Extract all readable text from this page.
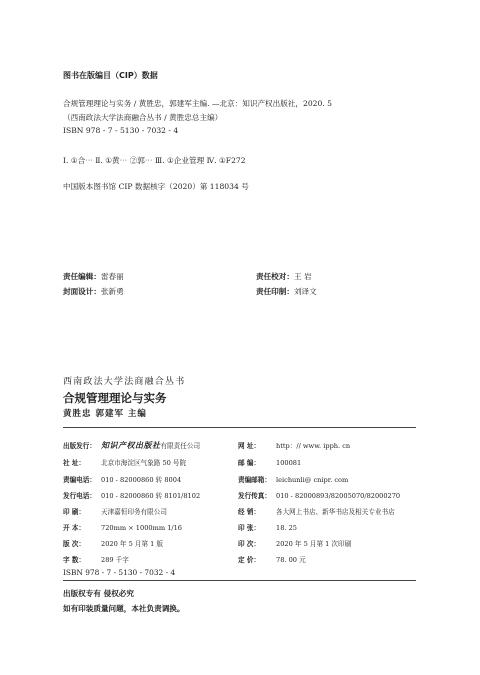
图书在版编目（CIP）数据
合规管理理论与实务 / 黄胜忠，郭建军主编. —北京：知识产权出版社，2020. 5
（西南政法大学法商融合丛书 / 黄胜忠总主编）
ISBN 978 - 7 - 5130 - 7032 - 4
Ⅰ. ①合⋯ Ⅱ. ①黄⋯ ②郭⋯ Ⅲ. ①企业管理 Ⅳ. ①F272
中国版本图书馆 CIP 数据核字（2020）第 118034 号
责任编辑：雷春丽	责任校对：王 岩
封面设计：张新勇	责任印制：刘译文
西南政法大学法商融合丛书
合规管理理论与实务
黄胜忠 郭建军 主编
出版发行： 知识产权出版社有限责任公司
社 址： 北京市海淀区气象路 50 号院
责编电话： 010 - 82000860 转 8004
发行电话： 010 - 82000860 转 8101/8102
印 刷： 天津嘉恒印务有限公司
开 本： 720mm × 1000mm 1/16
版 次： 2020 年 5 月第 1 版
字 数： 289 千字
网 址： http：// www. ipph. cn
邮 编： 100081
责编邮箱： leichunli@ cnipr. com
发行传真： 010 - 82000893/82005070/82000270
经 销： 各大网上书店、新华书店及相关专业书店
印 张： 18. 25
印 次： 2020 年 5 月第 1 次印刷
定 价： 78. 00 元
ISBN 978 - 7 - 5130 - 7032 - 4
出版权专有 侵权必究
如有印装质量问题，本社负责调换。
